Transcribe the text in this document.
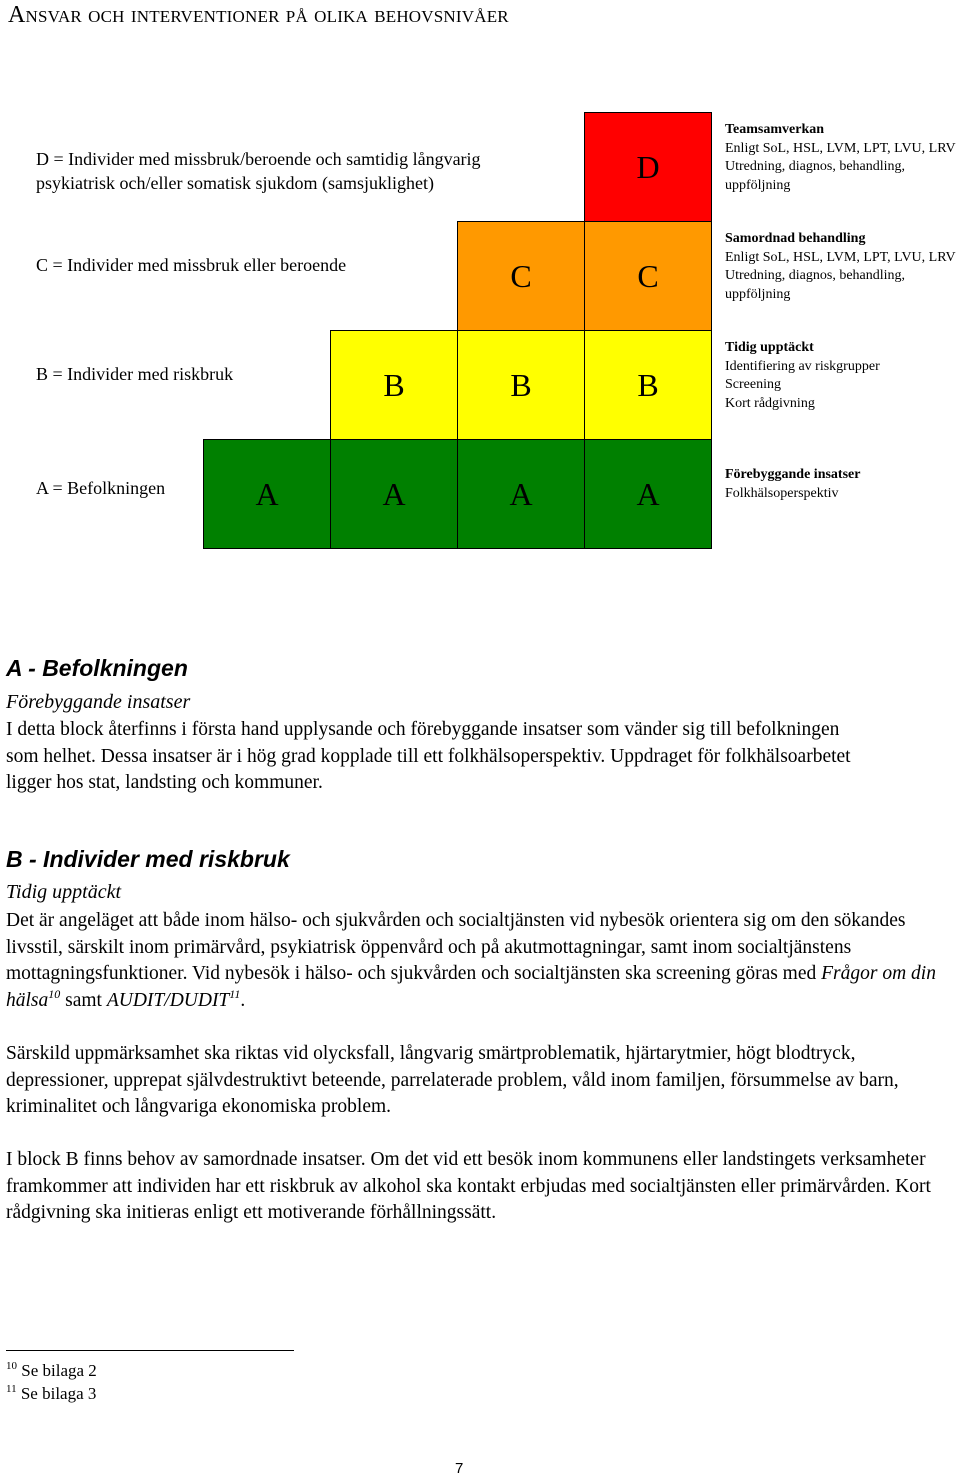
Ansvar och interventioner på olika behovsnivåer
D = Individer med missbruk/beroende och samtidig långvarig psykiatrisk och/eller somatisk sjukdom (samsjuklighet)
C = Individer med missbruk eller beroende
B = Individer med riskbruk
A = Befolkningen
D
C	C
B	B	B
A	A	A	A
Teamsamverkan
Enligt SoL, HSL, LVM, LPT, LVU, LRV
Utredning, diagnos, behandling, uppföljning
Samordnad behandling
Enligt SoL, HSL, LVM, LPT, LVU, LRV
Utredning, diagnos, behandling, uppföljning
Tidig upptäckt
Identifiering av riskgrupper
Screening
Kort rådgivning
Förebyggande insatser
Folkhälsoperspektiv
A - Befolkningen
Förebyggande insatser
I detta block återfinns i första hand upplysande och förebyggande insatser som vänder sig till befolkningen som helhet. Dessa insatser är i hög grad kopplade till ett folkhälsoperspektiv. Uppdraget för folkhälsoarbetet ligger hos stat, landsting och kommuner.
B - Individer med riskbruk
Tidig upptäckt
Det är angeläget att både inom hälso- och sjukvården och socialtjänsten vid nybesök orientera sig om den sökandes livsstil, särskilt inom primärvård, psykiatrisk öppenvård och på akutmottagningar, samt inom socialtjänstens mottagningsfunktioner. Vid nybesök i hälso- och sjukvården och socialtjänsten ska screening göras med Frågor om din hälsa$^{10}$ samt AUDIT/DUDIT$^{11}$.
Särskild uppmärksamhet ska riktas vid olycksfall, långvarig smärtproblematik, hjärtarytmier, högt blodtryck, depressioner, upprepat självdestruktivt beteende, parrelaterade problem, våld inom familjen, försummelse av barn, kriminalitet och långvariga ekonomiska problem.
I block B finns behov av samordnade insatser. Om det vid ett besök inom kommunens eller landstingets verksamheter framkommer att individen har ett riskbruk av alkohol ska kontakt erbjudas med socialtjänsten eller primärvården. Kort rådgivning ska initieras enligt ett motiverande förhållningssätt.
$^{10}$ Se bilaga 2
$^{11}$ Se bilaga 3
7
